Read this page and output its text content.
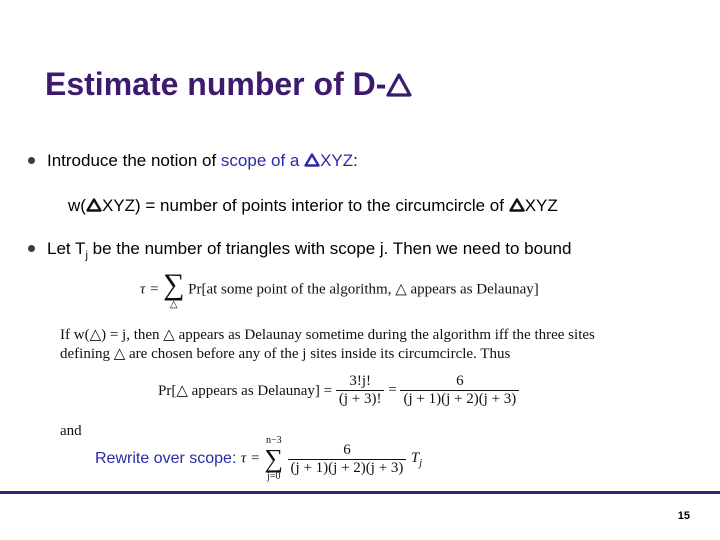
Estimate number of D-
Introduce the notion of scope of a XYZ:
w( XYZ) = number of points interior to the circumcircle of XYZ
Let $T_j$ be the number of triangles with scope j. Then we need to bound
τ = ∑
△
Pr[at some point of the algorithm, △ appears as Delaunay]
If w(△) = j, then △ appears as Delaunay sometime during the algorithm iff the three sites
defining △ are chosen before any of the j sites inside its circumcircle. Thus
Pr[△ appears as Delaunay] = $\frac{3!j!}{(j + 3)!} = \frac{6}{(j + 1)(j + 2)(j + 3)}$
and
Rewrite over scope: τ =
n−3
∑
j=0
$\frac{6}{(j + 1)(j + 2)(j + 3)} T_j$
15
